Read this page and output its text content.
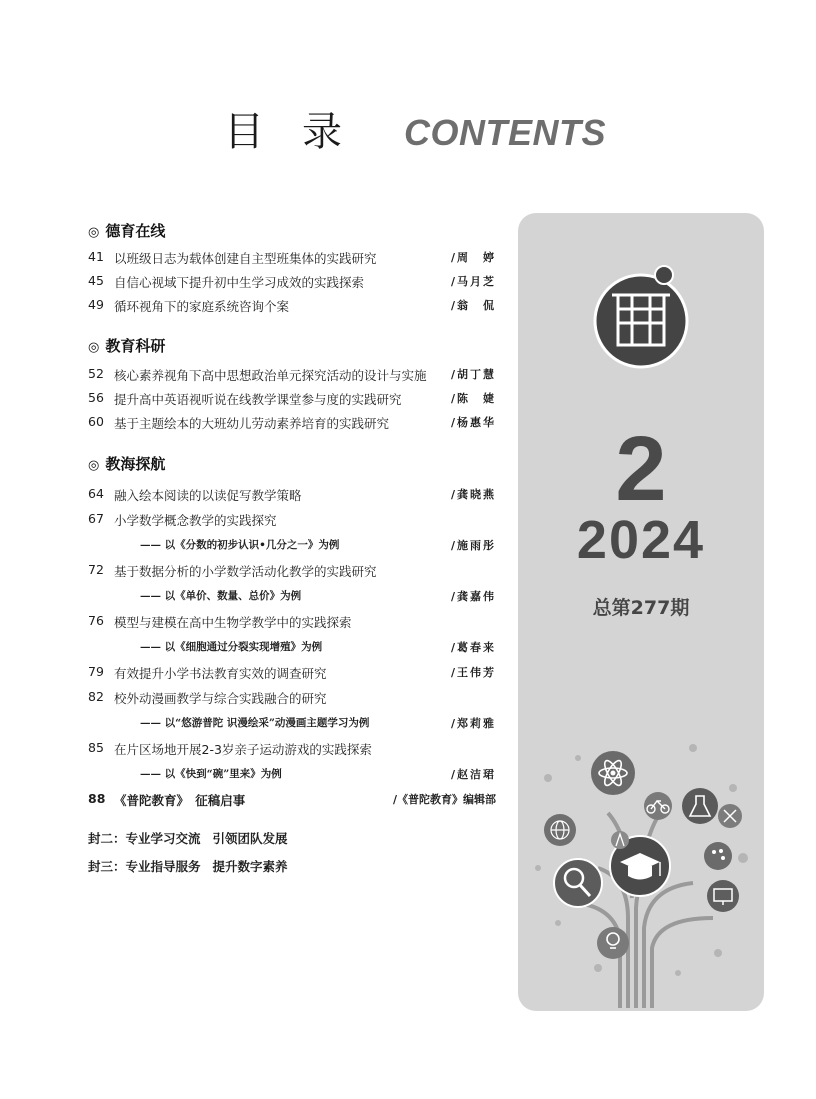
目 录 CONTENTS
◎ 德育在线
41 以班级日志为载体创建自主型班集体的实践研究	/周　婷
45 自信心视域下提升初中生学习成效的实践探索	/马月芝
49 循环视角下的家庭系统咨询个案	/翁　侃
◎ 教育科研
52 核心素养视角下高中思想政治单元探究活动的设计与实施 /胡丁慧
56 提升高中英语视听说在线教学课堂参与度的实践研究	/陈　婕
60 基于主题绘本的大班幼儿劳动素养培育的实践研究	/杨惠华
◎ 教海探航
64 融入绘本阅读的以读促写教学策略	/龚晓燕
67 小学数学概念教学的实践探究
—— 以《分数的初步认识•几分之一》为例	/施雨彤
72 基于数据分析的小学数学活动化教学的实践研究
—— 以《单价、数量、总价》为例	/龚嘉伟
76 模型与建模在高中生物学教学中的实践探索
—— 以《细胞通过分裂实现增殖》为例	/葛春来
79 有效提升小学书法教育实效的调查研究	/王伟芳
82 校外动漫画教学与综合实践融合的研究
—— 以“悠游普陀 识漫绘采”动漫画主题学习为例	/郑莉雅
85 在片区场地开展2-3岁亲子运动游戏的实践探索
—— 以《快到“碗”里来》为例	/赵洁珺
88 《普陀教育》　征稿启事	/《普陀教育》编辑部
封二：专业学习交流 引领团队发展
封三：专业指导服务 提升数字素养
2
2024
总第277期
